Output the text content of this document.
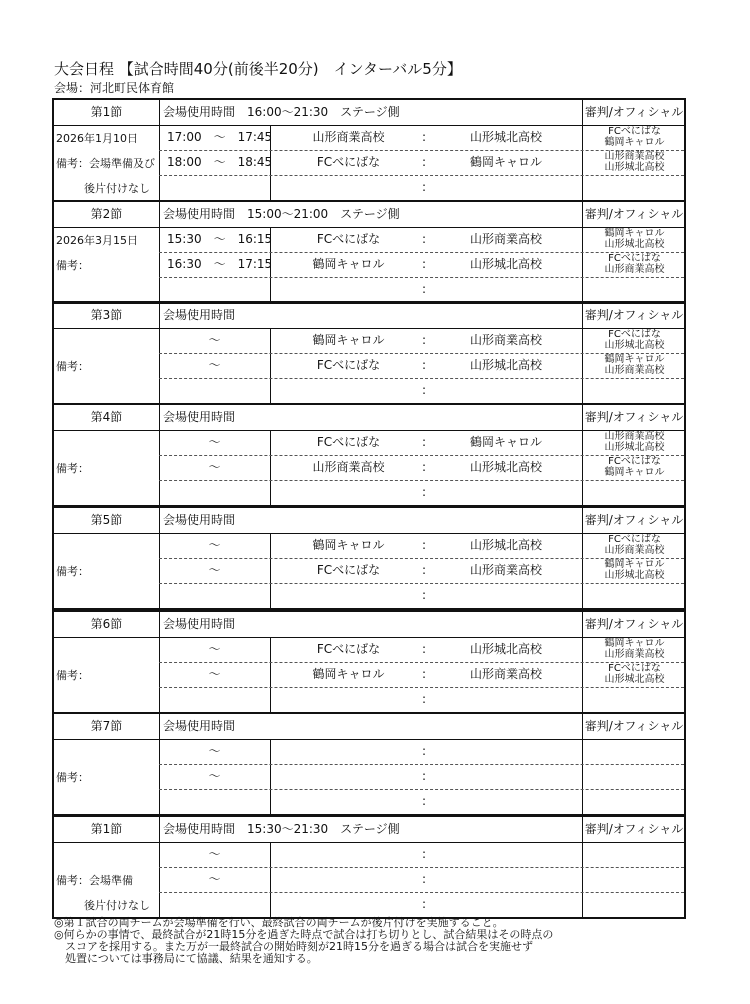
大会日程 【試合時間40分(前後半20分)　インターバル5分】
会場：河北町民体育館
第1節	会場使用時間　16:00～21:30　ステージ側	審判/オフィシャル
2026年1月10日
備考：会場準備及び
後片付けなし
17:00　～　17:45	山形商業高校	:	山形城北高校	FCべにばな
鶴岡キャロル
18:00　～　18:45	FCべにばな	:	鶴岡キャロル	山形商業高校
山形城北高校
:
第2節	会場使用時間　15:00～21:00　ステージ側	審判/オフィシャル
2026年3月15日
備考：
15:30　～　16:15	FCべにばな	:	山形商業高校	鶴岡キャロル
山形城北高校
16:30　～　17:15	鶴岡キャロル	:	山形城北高校	FCべにばな
山形商業高校
:
第3節	会場使用時間	審判/オフィシャル
備考：
～	鶴岡キャロル	:	山形商業高校	FCべにばな
山形城北高校
～	FCべにばな	:	山形城北高校	鶴岡キャロル
山形商業高校
:
第4節	会場使用時間	審判/オフィシャル
備考：
～	FCべにばな	:	鶴岡キャロル	山形商業高校
山形城北高校
～	山形商業高校	:	山形城北高校	FCべにばな
鶴岡キャロル
:
第5節	会場使用時間	審判/オフィシャル
備考：
～	鶴岡キャロル	:	山形城北高校	FCべにばな
山形商業高校
～	FCべにばな	:	山形商業高校	鶴岡キャロル
山形城北高校
:
第6節	会場使用時間	審判/オフィシャル
備考：
～	FCべにばな	:	山形城北高校	鶴岡キャロル
山形商業高校
～	鶴岡キャロル	:	山形商業高校	FCべにばな
山形城北高校
:
第7節	会場使用時間	審判/オフィシャル
備考：
～	:
～	:
:
第1節	会場使用時間　15:30～21:30　ステージ側	審判/オフィシャル
備考：会場準備
後片付けなし
～	:
～	:
:
◎第１試合の両チームが会場準備を行い、最終試合の両チームが後片付けを実施すること。
◎何らかの事情で、最終試合が21時15分を過ぎた時点で試合は打ち切りとし、試合結果はその時点の
　スコアを採用する。また万が一最終試合の開始時刻が21時15分を過ぎる場合は試合を実施せず
　処置については事務局にて協議、結果を通知する。
